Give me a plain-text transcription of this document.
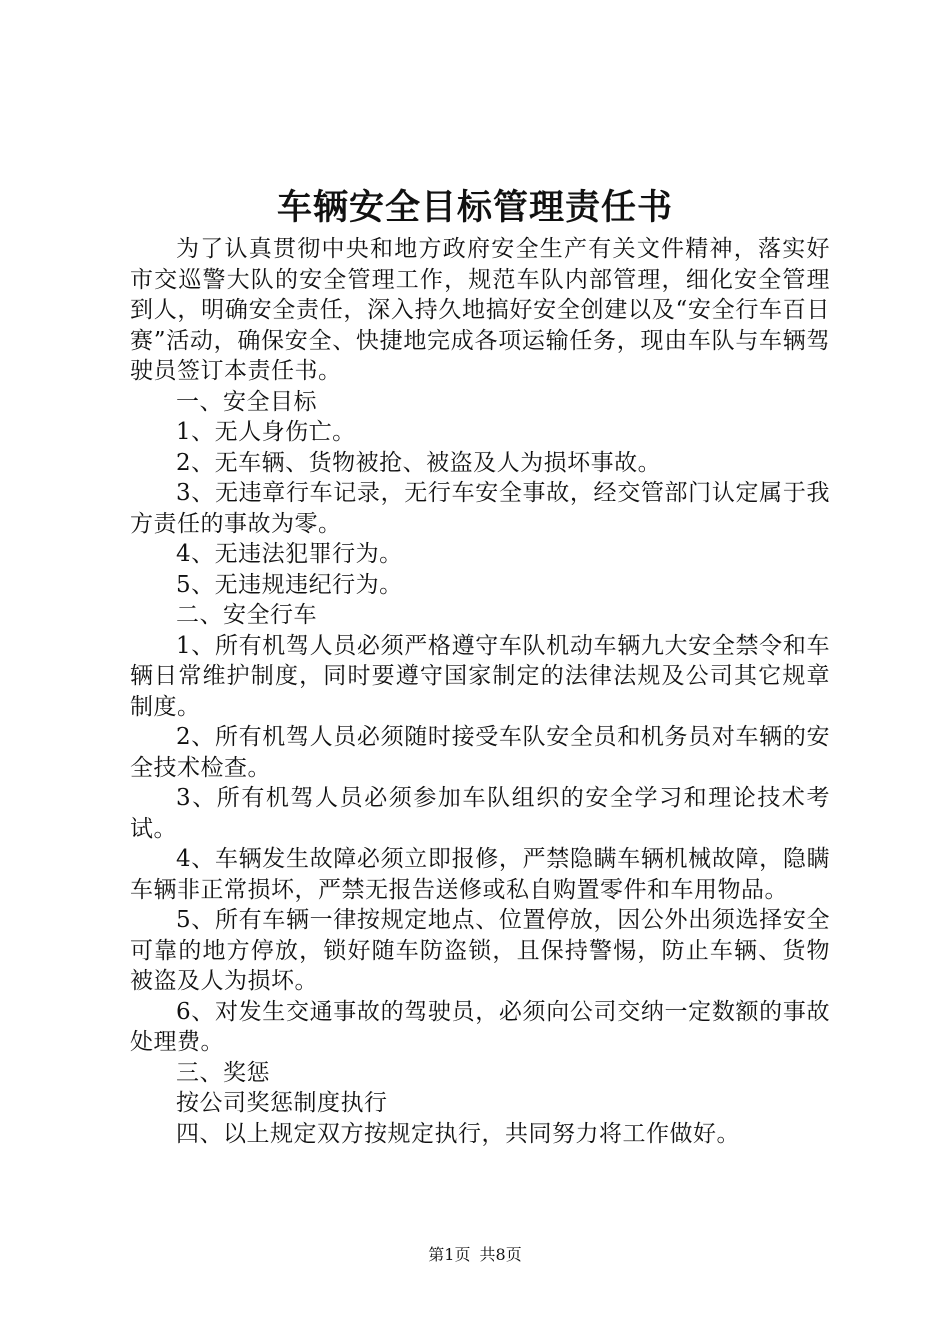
车辆安全目标管理责任书

为了认真贯彻中央和地方政府安全生产有关文件精神，落实好市交巡警大队的安全管理工作，规范车队内部管理，细化安全管理到人，明确安全责任，深入持久地搞好安全创建以及“安全行车百日赛”活动，确保安全、快捷地完成各项运输任务，现由车队与车辆驾驶员签订本责任书。

一、安全目标

1、无人身伤亡。

2、无车辆、货物被抢、被盗及人为损坏事故。

3、无违章行车记录，无行车安全事故，经交管部门认定属于我方责任的事故为零。

4、无违法犯罪行为。

5、无违规违纪行为。

二、安全行车

1、所有机驾人员必须严格遵守车队机动车辆九大安全禁令和车辆日常维护制度，同时要遵守国家制定的法律法规及公司其它规章制度。

2、所有机驾人员必须随时接受车队安全员和机务员对车辆的安全技术检查。

3、所有机驾人员必须参加车队组织的安全学习和理论技术考试。

4、车辆发生故障必须立即报修，严禁隐瞒车辆机械故障，隐瞒车辆非正常损坏，严禁无报告送修或私自购置零件和车用物品。

5、所有车辆一律按规定地点、位置停放，因公外出须选择安全可靠的地方停放，锁好随车防盗锁，且保持警惕，防止车辆、货物被盗及人为损坏。

6、对发生交通事故的驾驶员，必须向公司交纳一定数额的事故处理费。

三、奖惩

按公司奖惩制度执行

四、以上规定双方按规定执行，共同努力将工作做好。

第1页 共8页
